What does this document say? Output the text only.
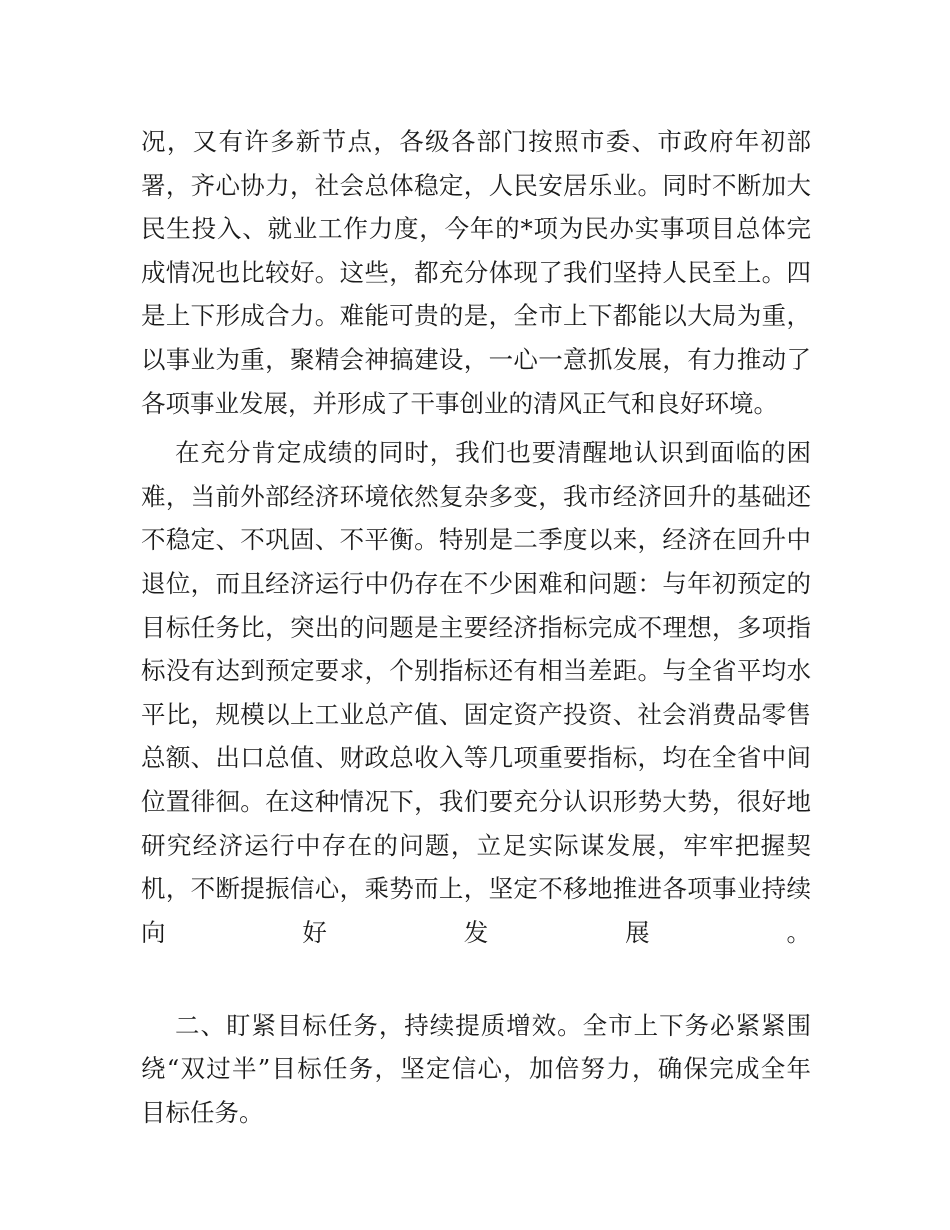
况，又有许多新节点，各级各部门按照市委、市政府年初部
署，齐心协力，社会总体稳定，人民安居乐业。同时不断加大
民生投入、就业工作力度，今年的*项为民办实事项目总体完
成情况也比较好。这些，都充分体现了我们坚持人民至上。四
是上下形成合力。难能可贵的是，全市上下都能以大局为重，
以事业为重，聚精会神搞建设，一心一意抓发展，有力推动了
各项事业发展，并形成了干事创业的清风正气和良好环境。
在充分肯定成绩的同时，我们也要清醒地认识到面临的困
难，当前外部经济环境依然复杂多变，我市经济回升的基础还
不稳定、不巩固、不平衡。特别是二季度以来，经济在回升中
退位，而且经济运行中仍存在不少困难和问题：与年初预定的
目标任务比，突出的问题是主要经济指标完成不理想，多项指
标没有达到预定要求，个别指标还有相当差距。与全省平均水
平比，规模以上工业总产值、固定资产投资、社会消费品零售
总额、出口总值、财政总收入等几项重要指标，均在全省中间
位置徘徊。在这种情况下，我们要充分认识形势大势，很好地
研究经济运行中存在的问题，立足实际谋发展，牢牢把握契
机，不断提振信心，乘势而上，坚定不移地推进各项事业持续
向好发展。
二、盯紧目标任务，持续提质增效。全市上下务必紧紧围
绕“双过半”目标任务，坚定信心，加倍努力，确保完成全年
目标任务。
